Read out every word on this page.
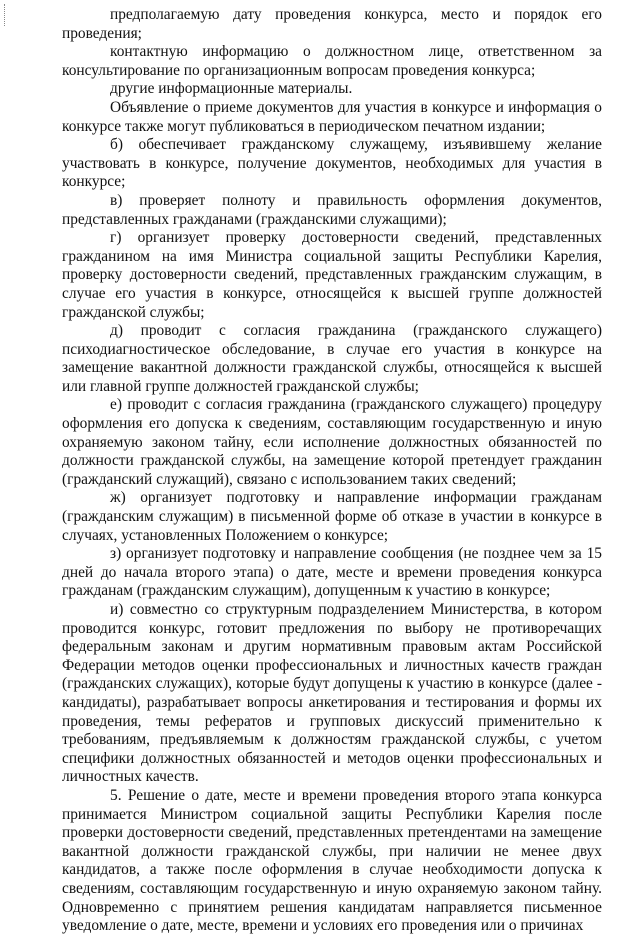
предполагаемую дату проведения конкурса, место и порядок его проведения;

контактную информацию о должностном лице, ответственном за консультирование по организационным вопросам проведения конкурса;

другие информационные материалы.

Объявление о приеме документов для участия в конкурсе и информация о конкурсе также могут публиковаться в периодическом печатном издании;

б) обеспечивает гражданскому служащему, изъявившему желание участвовать в конкурсе, получение документов, необходимых для участия в конкурсе;

в) проверяет полноту и правильность оформления документов, представленных гражданами (гражданскими служащими);

г) организует проверку достоверности сведений, представленных гражданином на имя Министра социальной защиты Республики Карелия, проверку достоверности сведений, представленных гражданским служащим, в случае его участия в конкурсе, относящейся к высшей группе должностей гражданской службы;

д) проводит с согласия гражданина (гражданского служащего) психодиагностическое обследование, в случае его участия в конкурсе на замещение вакантной должности гражданской службы, относящейся к высшей или главной группе должностей гражданской службы;

е) проводит с согласия гражданина (гражданского служащего) процедуру оформления его допуска к сведениям, составляющим государственную и иную охраняемую законом тайну, если исполнение должностных обязанностей по должности гражданской службы, на замещение которой претендует гражданин (гражданский служащий), связано с использованием таких сведений;

ж) организует подготовку и направление информации гражданам (гражданским служащим) в письменной форме об отказе в участии в конкурсе в случаях, установленных Положением о конкурсе;

з) организует подготовку и направление сообщения (не позднее чем за 15 дней до начала второго этапа) о дате, месте и времени проведения конкурса гражданам (гражданским служащим), допущенным к участию в конкурсе;

и) совместно со структурным подразделением Министерства, в котором проводится конкурс, готовит предложения по выбору не противоречащих федеральным законам и другим нормативным правовым актам Российской Федерации методов оценки профессиональных и личностных качеств граждан (гражданских служащих), которые будут допущены к участию в конкурсе (далее - кандидаты), разрабатывает вопросы анкетирования и тестирования и формы их проведения, темы рефератов и групповых дискуссий применительно к требованиям, предъявляемым к должностям гражданской службы, с учетом специфики должностных обязанностей и методов оценки профессиональных и личностных качеств.

5. Решение о дате, месте и времени проведения второго этапа конкурса принимается Министром социальной защиты Республики Карелия после проверки достоверности сведений, представленных претендентами на замещение вакантной должности гражданской службы, при наличии не менее двух кандидатов, а также после оформления в случае необходимости допуска к сведениям, составляющим государственную и иную охраняемую законом тайну. Одновременно с принятием решения кандидатам направляется письменное уведомление о дате, месте, времени и условиях его проведения или о причинах
